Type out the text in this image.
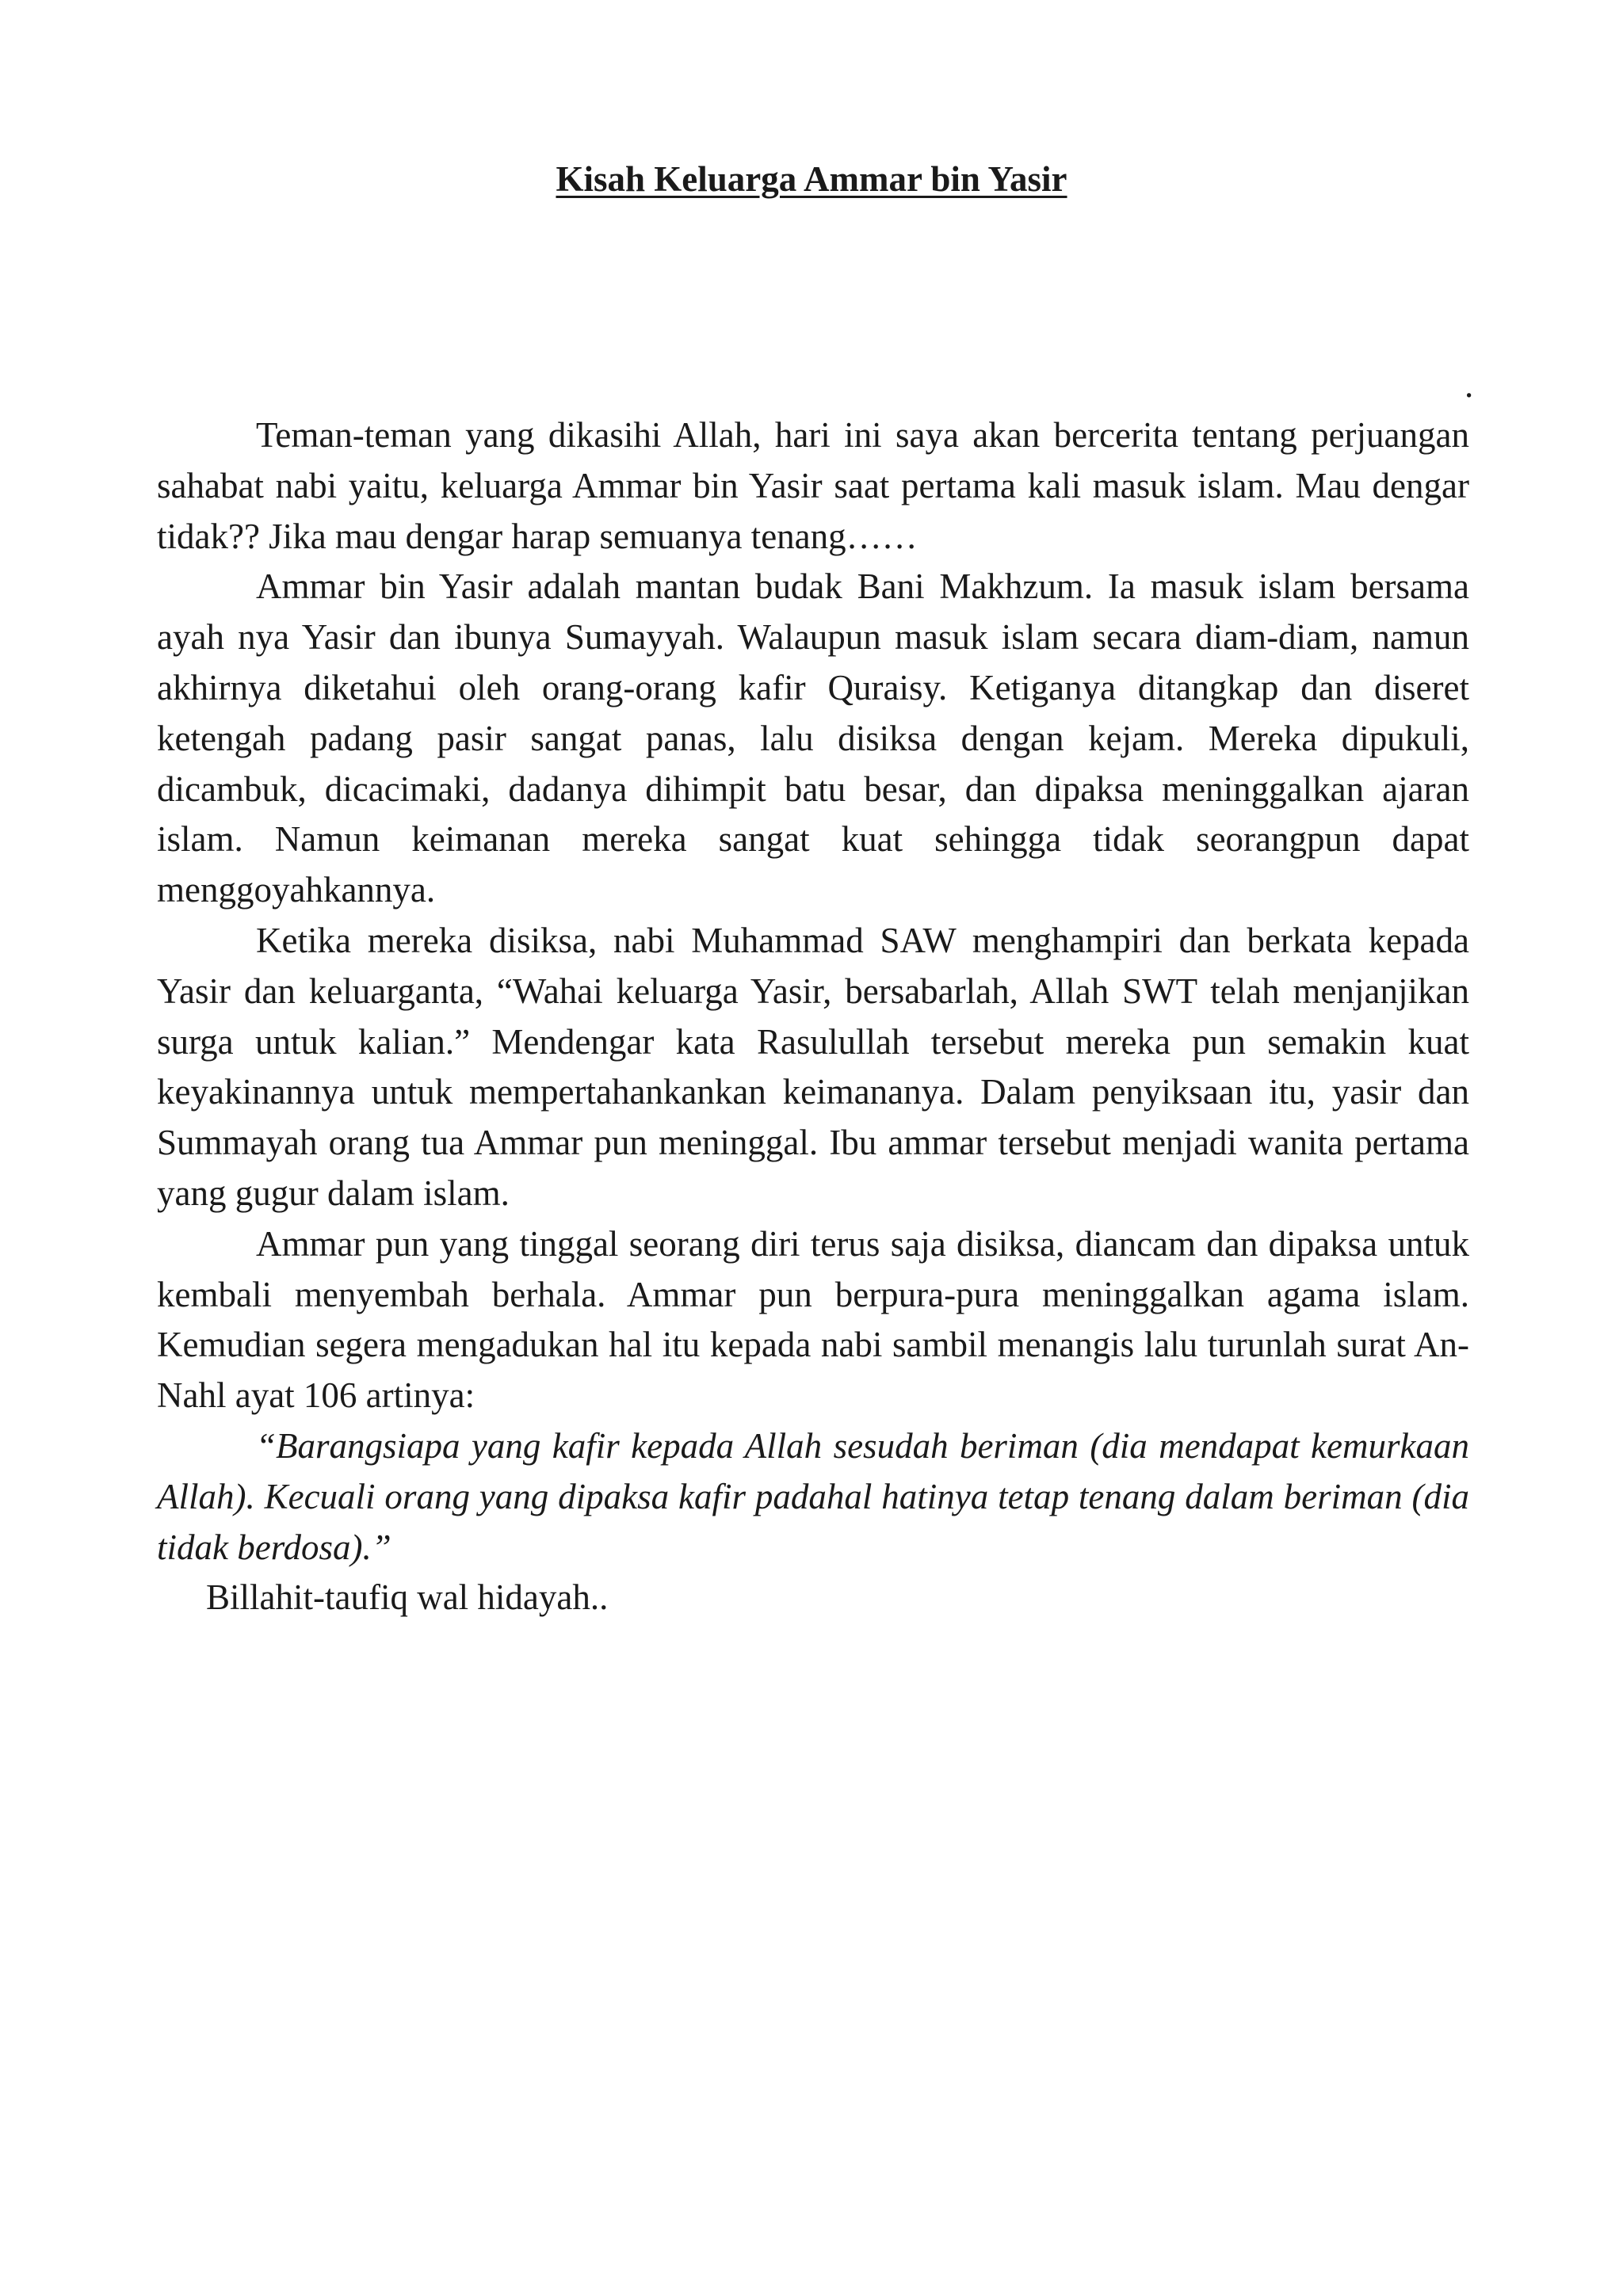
Kisah Keluarga Ammar bin Yasir
.

Teman-teman yang dikasihi Allah, hari ini saya akan bercerita tentang perjuangan sahabat nabi yaitu, keluarga Ammar bin Yasir saat pertama kali masuk islam. Mau dengar tidak?? Jika mau dengar harap semuanya tenang……

Ammar bin Yasir adalah mantan budak Bani Makhzum. Ia masuk islam bersama ayah nya Yasir dan ibunya Sumayyah. Walaupun masuk islam secara diam-diam, namun akhirnya diketahui oleh orang-orang kafir Quraisy. Ketiganya ditangkap dan diseret ketengah padang pasir sangat panas, lalu disiksa dengan kejam. Mereka dipukuli, dicambuk, dicacimaki, dadanya dihimpit batu besar, dan dipaksa meninggalkan ajaran islam. Namun keimanan mereka sangat kuat sehingga tidak seorangpun dapat menggoyahkannya.

Ketika mereka disiksa, nabi Muhammad SAW menghampiri dan berkata kepada Yasir dan keluarganta, “Wahai keluarga Yasir, bersabarlah, Allah SWT telah menjanjikan surga untuk kalian.” Mendengar kata Rasulullah tersebut mereka pun semakin kuat keyakinannya untuk mempertahankankan keimananya. Dalam penyiksaan itu, yasir dan Summayah orang tua Ammar pun meninggal. Ibu ammar tersebut menjadi wanita pertama yang gugur dalam islam.

Ammar pun yang tinggal seorang diri terus saja disiksa, diancam dan dipaksa untuk kembali menyembah berhala. Ammar pun berpura-pura meninggalkan agama islam. Kemudian segera mengadukan hal itu kepada nabi sambil menangis lalu turunlah surat An-Nahl ayat 106 artinya:

“Barangsiapa yang kafir kepada Allah sesudah beriman (dia mendapat kemurkaan Allah). Kecuali orang yang dipaksa kafir padahal hatinya tetap tenang dalam beriman (dia tidak berdosa).”

Billahit-taufiq wal hidayah..
